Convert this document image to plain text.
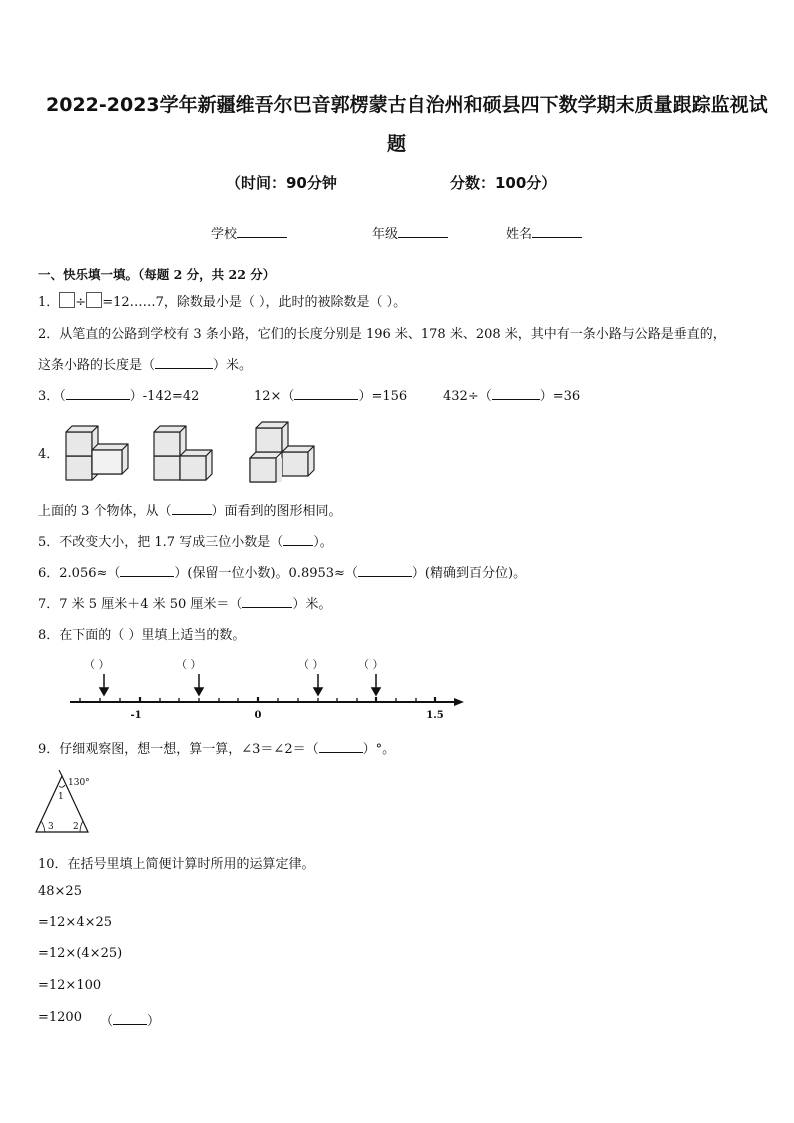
2022-2023学年新疆维吾尔巴音郭楞蒙古自治州和硕县四下数学期末质量跟踪监视试
题
（时间：90分钟	分数：100分）
学校	年级	姓名
一、快乐填一填。（每题 2 分，共 22 分）
1． ÷ =12……7，除数最小是（ ），此时的被除数是（ ）。
2．从笔直的公路到学校有 3 条小路，它们的长度分别是 196 米、178 米、208 米，其中有一条小路与公路是垂直的，
这条小路的长度是（	）米。
3．（	）-142=42	12×（	）=156	432÷（	）=36
4．
上面的 3 个物体，从（	）面看到的图形相同。
5．不改变大小，把 1.7 写成三位小数是（ ）。
6．2.056≈（	）(保留一位小数)。0.8953≈（	）(精确到百分位)。
7．7 米 5 厘米＋4 米 50 厘米＝（	）米。
8．在下面的（ ）里填上适当的数。
（ ）	（ ）	（ ）	（ ）
-1	0	1.5
9．仔细观察图，想一想，算一算，∠3＝∠2＝（	）°。
130°
1
3 2
10．在括号里填上简便计算时所用的运算定律。
48×25
=12×4×25
=12×(4×25)
=12×100
=1200 （	）
